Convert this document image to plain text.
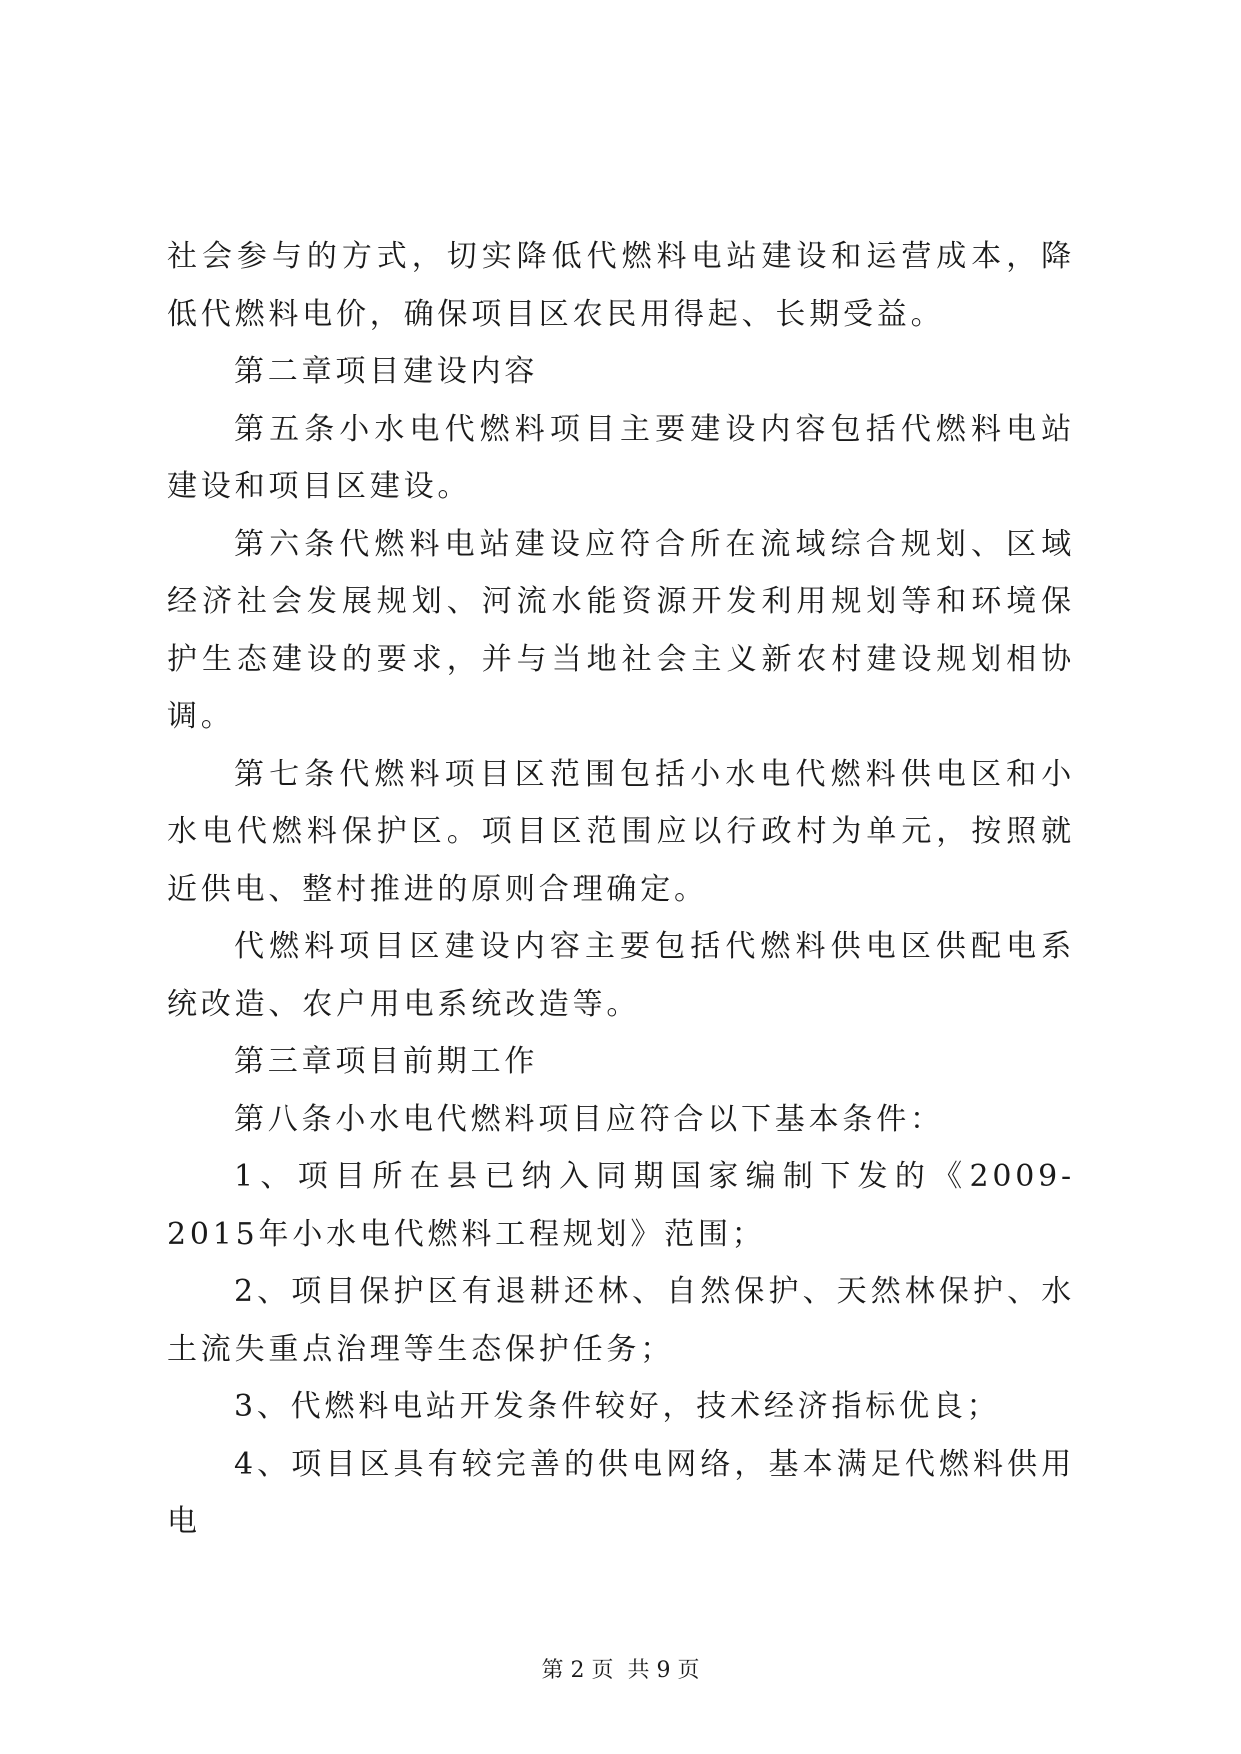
社会参与的方式，切实降低代燃料电站建设和运营成本，降低代燃料电价，确保项目区农民用得起、长期受益。

第二章项目建设内容

第五条小水电代燃料项目主要建设内容包括代燃料电站建设和项目区建设。

第六条代燃料电站建设应符合所在流域综合规划、区域经济社会发展规划、河流水能资源开发利用规划等和环境保护生态建设的要求，并与当地社会主义新农村建设规划相协调。

第七条代燃料项目区范围包括小水电代燃料供电区和小水电代燃料保护区。项目区范围应以行政村为单元，按照就近供电、整村推进的原则合理确定。

代燃料项目区建设内容主要包括代燃料供电区供配电系统改造、农户用电系统改造等。

第三章项目前期工作

第八条小水电代燃料项目应符合以下基本条件：

1、项目所在县已纳入同期国家编制下发的《2009-2015年小水电代燃料工程规划》范围；

2、项目保护区有退耕还林、自然保护、天然林保护、水土流失重点治理等生态保护任务；

3、代燃料电站开发条件较好，技术经济指标优良；

4、项目区具有较完善的供电网络，基本满足代燃料供用电

第 2 页  共 9 页
